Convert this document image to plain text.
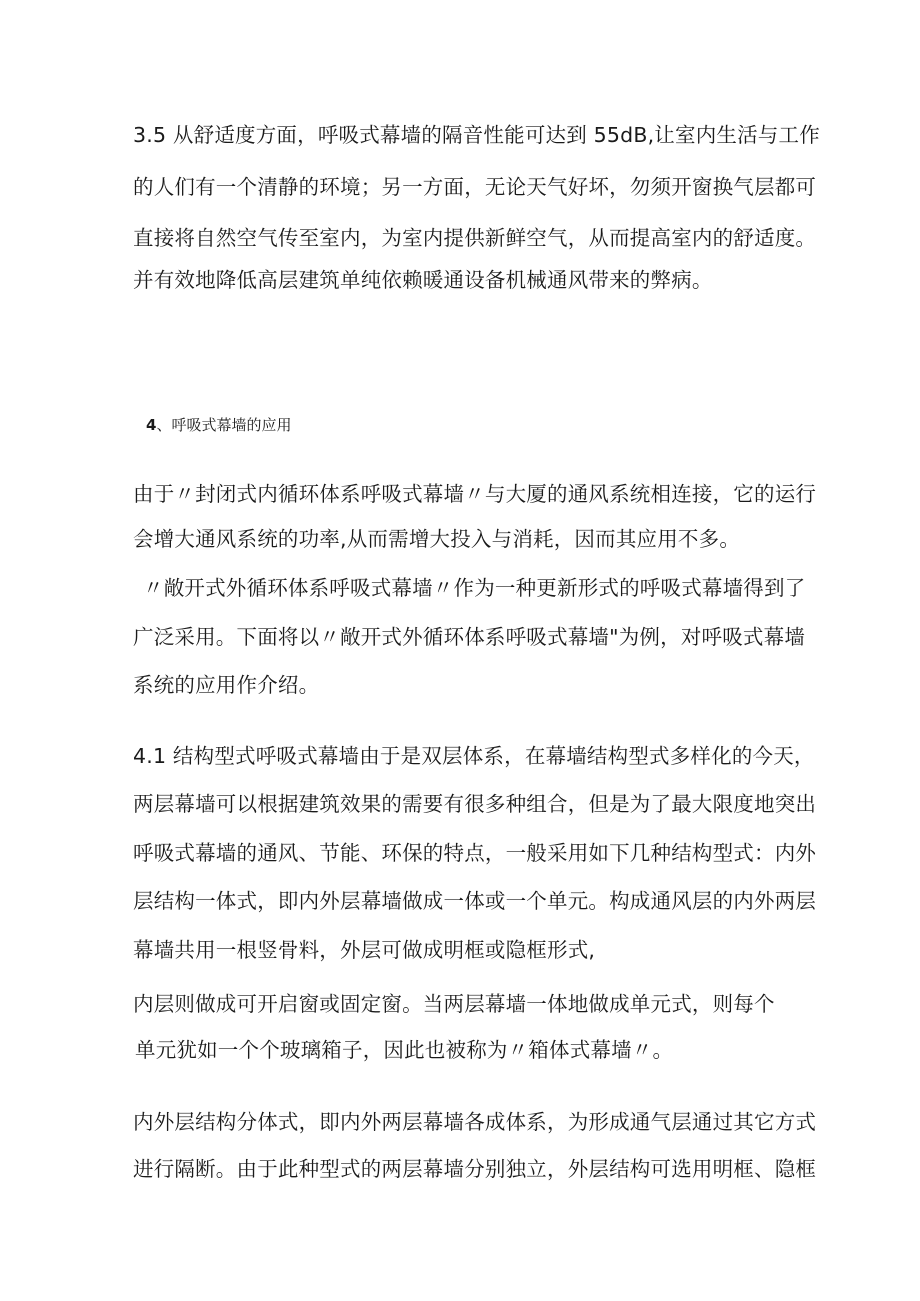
3.5 从舒适度方面，呼吸式幕墙的隔音性能可达到 55dB,让室内生活与工作
的人们有一个清静的环境；另一方面，无论天气好坏，勿须开窗换气层都可
直接将自然空气传至室内，为室内提供新鲜空气，从而提高室内的舒适度。
并有效地降低高层建筑单纯依赖暖通设备机械通风带来的弊病。
4、呼吸式幕墙的应用
由于〃封闭式内循环体系呼吸式幕墙〃与大厦的通风系统相连接，它的运行
会增大通风系统的功率,从而需增大投入与消耗，因而其应用不多。
〃敞开式外循环体系呼吸式幕墙〃作为一种更新形式的呼吸式幕墙得到了
广泛采用。下面将以〃敞开式外循环体系呼吸式幕墙"为例，对呼吸式幕墙
系统的应用作介绍。
4.1 结构型式呼吸式幕墙由于是双层体系，在幕墙结构型式多样化的今天，
两层幕墙可以根据建筑效果的需要有很多种组合，但是为了最大限度地突出
呼吸式幕墙的通风、节能、环保的特点，一般采用如下几种结构型式：内外
层结构一体式，即内外层幕墙做成一体或一个单元。构成通风层的内外两层
幕墙共用一根竖骨料，外层可做成明框或隐框形式,
内层则做成可开启窗或固定窗。当两层幕墙一体地做成单元式，则每个
单元犹如一个个玻璃箱子，因此也被称为〃箱体式幕墙〃。
内外层结构分体式，即内外两层幕墙各成体系，为形成通气层通过其它方式
进行隔断。由于此种型式的两层幕墙分别独立，外层结构可选用明框、隐框
